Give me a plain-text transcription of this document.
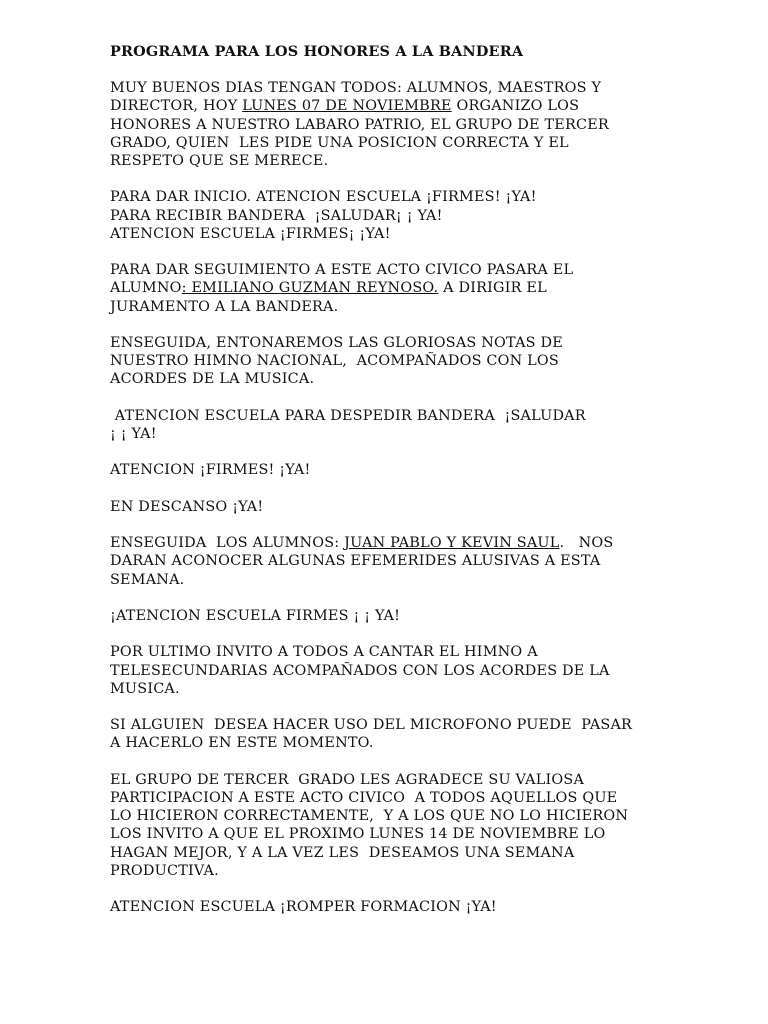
PROGRAMA PARA LOS HONORES A LA BANDERA

MUY BUENOS DIAS TENGAN TODOS: ALUMNOS, MAESTROS Y
DIRECTOR, HOY LUNES 07 DE NOVIEMBRE ORGANIZO LOS
HONORES A NUESTRO LABARO PATRIO, EL GRUPO DE TERCER
GRADO, QUIEN  LES PIDE UNA POSICION CORRECTA Y EL
RESPETO QUE SE MERECE.

PARA DAR INICIO. ATENCION ESCUELA ¡FIRMES! ¡YA!
PARA RECIBIR BANDERA  ¡SALUDAR¡ ¡ YA!
ATENCION ESCUELA ¡FIRMES¡ ¡YA!

PARA DAR SEGUIMIENTO A ESTE ACTO CIVICO PASARA EL
ALUMNO: EMILIANO GUZMAN REYNOSO. A DIRIGIR EL
JURAMENTO A LA BANDERA.

ENSEGUIDA, ENTONAREMOS LAS GLORIOSAS NOTAS DE
NUESTRO HIMNO NACIONAL,  ACOMPAÑADOS CON LOS
ACORDES DE LA MUSICA.

ATENCION ESCUELA PARA DESPEDIR BANDERA  ¡SALUDAR
¡ ¡ YA!

ATENCION ¡FIRMES! ¡YA!

EN DESCANSO ¡YA!

ENSEGUIDA  LOS ALUMNOS: JUAN PABLO Y KEVIN SAUL.   NOS
DARAN ACONOCER ALGUNAS EFEMERIDES ALUSIVAS A ESTA
SEMANA.

¡ATENCION ESCUELA FIRMES ¡ ¡ YA!

POR ULTIMO INVITO A TODOS A CANTAR EL HIMNO A
TELESECUNDARIAS ACOMPAÑADOS CON LOS ACORDES DE LA
MUSICA.

SI ALGUIEN  DESEA HACER USO DEL MICROFONO PUEDE  PASAR
A HACERLO EN ESTE MOMENTO.

EL GRUPO DE TERCER  GRADO LES AGRADECE SU VALIOSA
PARTICIPACION A ESTE ACTO CIVICO  A TODOS AQUELLOS QUE
LO HICIERON CORRECTAMENTE,  Y A LOS QUE NO LO HICIERON
LOS INVITO A QUE EL PROXIMO LUNES 14 DE NOVIEMBRE LO
HAGAN MEJOR, Y A LA VEZ LES  DESEAMOS UNA SEMANA
PRODUCTIVA.

ATENCION ESCUELA ¡ROMPER FORMACION ¡YA!
